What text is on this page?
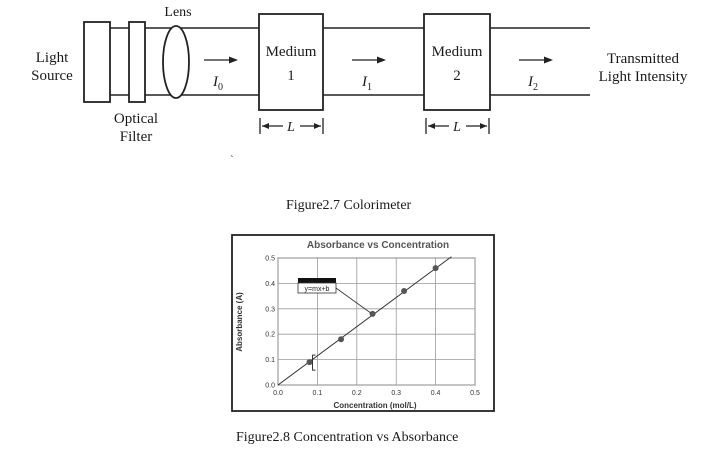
Lens
Light
Source
Optical
Filter
Medium
1
Medium
2
Transmitted
Light Intensity
$I_0$	$I_1$	$I_2$
L	L
`
Figure2.7 Colorimeter
Absorbance vs Concentration
Concentration (mol/L)
Absorbance (A)
0.0	0.1	0.2	0.3	0.4	0.5
0.0
0.1
0.2
0.3
0.4
0.5
y=mx+b
Figure2.8 Concentration vs Absorbance
